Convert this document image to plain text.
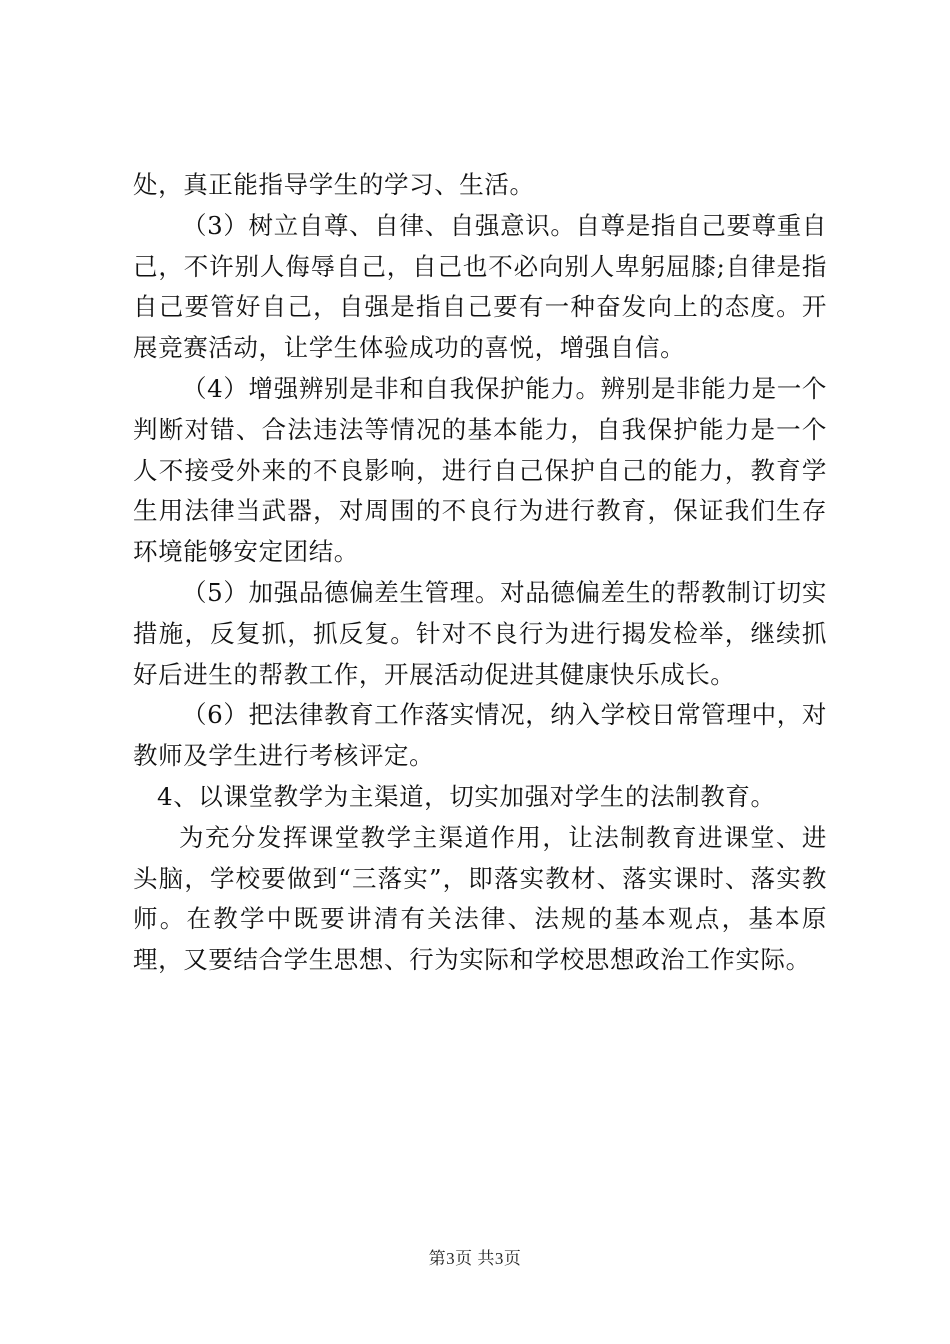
处，真正能指导学生的学习、生活。

（3）树立自尊、自律、自强意识。自尊是指自己要尊重自己，不许别人侮辱自己，自己也不必向别人卑躬屈膝;自律是指自己要管好自己，自强是指自己要有一种奋发向上的态度。开展竞赛活动，让学生体验成功的喜悦，增强自信。

（4）增强辨别是非和自我保护能力。辨别是非能力是一个判断对错、合法违法等情况的基本能力，自我保护能力是一个人不接受外来的不良影响，进行自己保护自己的能力，教育学生用法律当武器，对周围的不良行为进行教育，保证我们生存环境能够安定团结。

（5）加强品德偏差生管理。对品德偏差生的帮教制订切实措施，反复抓，抓反复。针对不良行为进行揭发检举，继续抓好后进生的帮教工作，开展活动促进其健康快乐成长。

（6）把法律教育工作落实情况，纳入学校日常管理中，对教师及学生进行考核评定。

4、以课堂教学为主渠道，切实加强对学生的法制教育。

为充分发挥课堂教学主渠道作用，让法制教育进课堂、进头脑，学校要做到“三落实”，即落实教材、落实课时、落实教师。在教学中既要讲清有关法律、法规的基本观点，基本原理，又要结合学生思想、行为实际和学校思想政治工作实际。

第3页 共3页
